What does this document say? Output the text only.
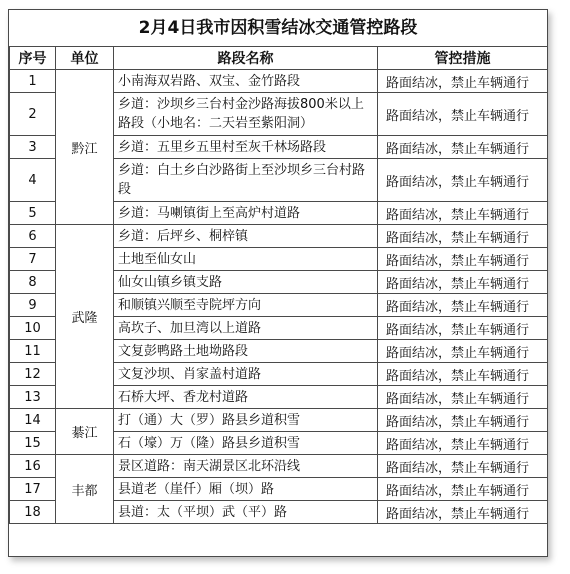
2月4日我市因积雪结冰交通管控路段
序号	单位	路段名称	管控措施
1	黔江	小南海双岩路、双宝、金竹路段	路面结冰，禁止车辆通行
2		乡道：沙坝乡三台村金沙路海拔800米以上路段（小地名：二天岩至紫阳洞）	路面结冰，禁止车辆通行
3		乡道：五里乡五里村至灰千林场路段	路面结冰，禁止车辆通行
4		乡道：白土乡白沙路街上至沙坝乡三台村路段	路面结冰，禁止车辆通行
5		乡道：马喇镇街上至高炉村道路	路面结冰，禁止车辆通行
6	武隆	乡道：后坪乡、桐梓镇	路面结冰，禁止车辆通行
7		土地至仙女山	路面结冰，禁止车辆通行
8		仙女山镇乡镇支路	路面结冰，禁止车辆通行
9		和顺镇兴顺至寺院坪方向	路面结冰，禁止车辆通行
10		高坎子、加旦湾以上道路	路面结冰，禁止车辆通行
11		文复彭鸭路土地坳路段	路面结冰，禁止车辆通行
12		文复沙坝、肖家盖村道路	路面结冰，禁止车辆通行
13		石桥大坪、香龙村道路	路面结冰，禁止车辆通行
14	綦江	打（通）大（罗）路县乡道积雪	路面结冰，禁止车辆通行
15		石（壕）万（隆）路县乡道积雪	路面结冰，禁止车辆通行
16	丰都	景区道路：南天湖景区北环沿线	路面结冰，禁止车辆通行
17		县道老（崖仟）厢（坝）路	路面结冰，禁止车辆通行
18		县道：太（平坝）武（平）路	路面结冰，禁止车辆通行
